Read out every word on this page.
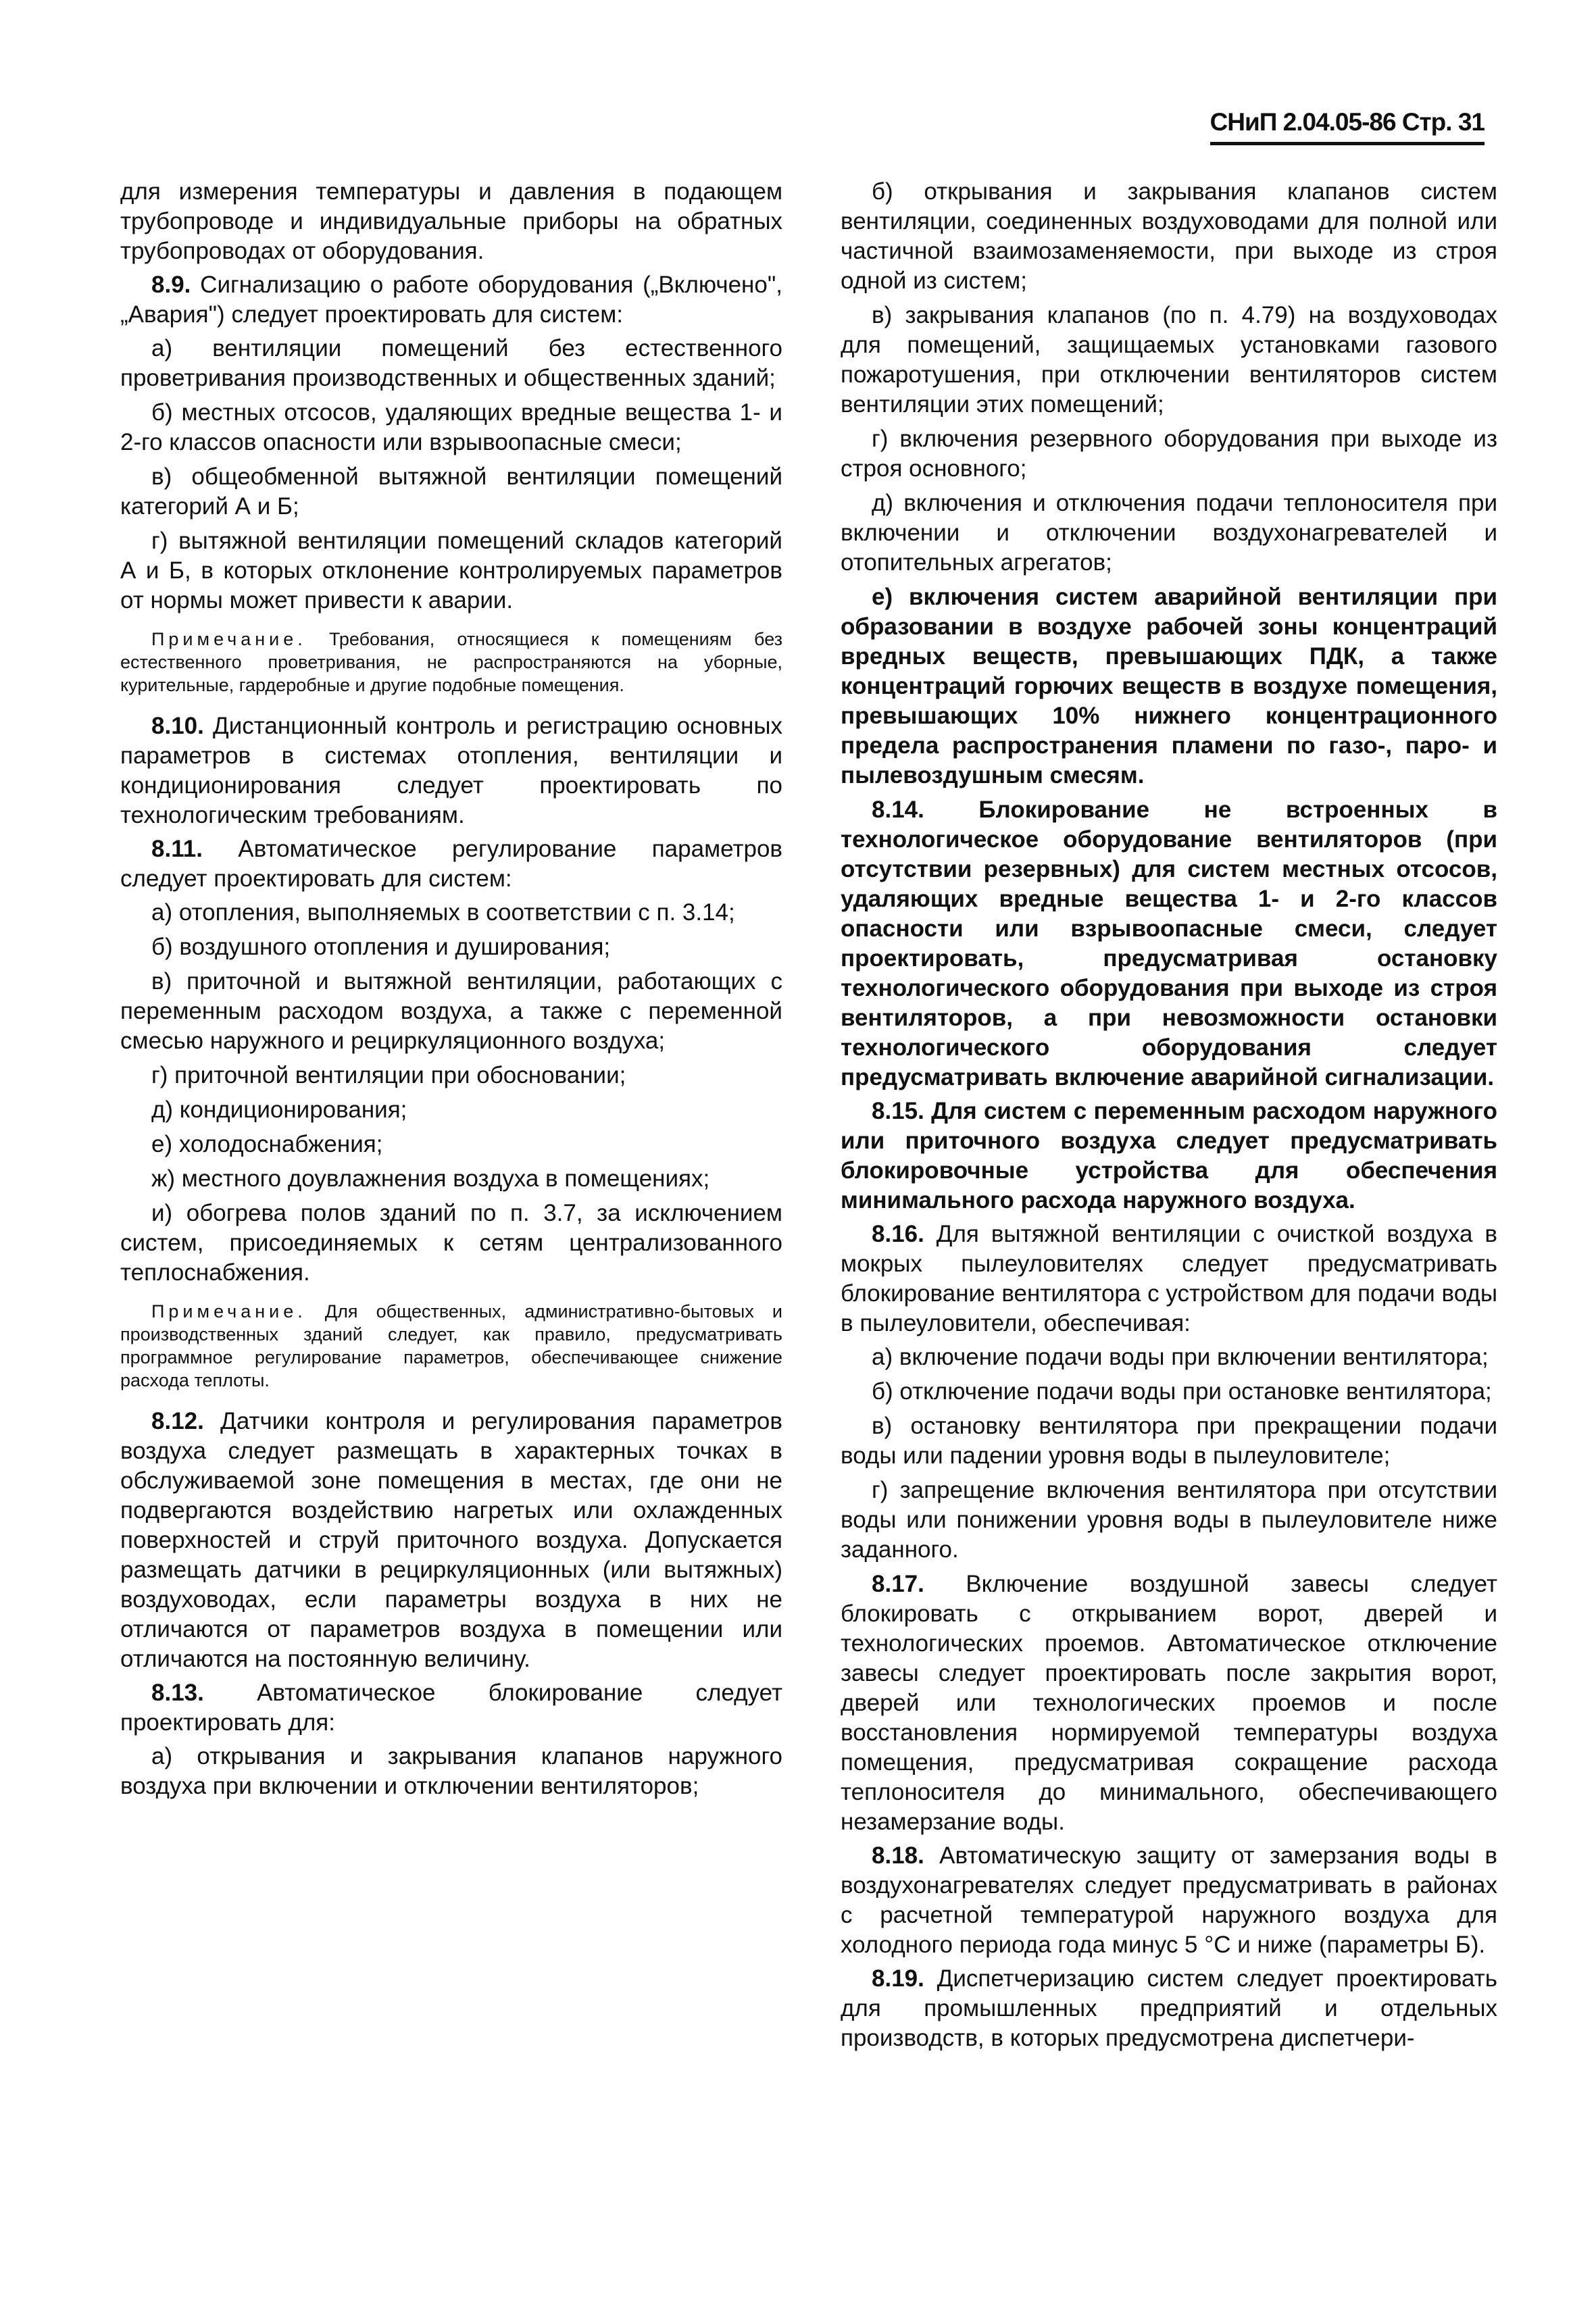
СНиП 2.04.05-86 Стр. 31

для измерения температуры и давления в подающем трубопроводе и индивидуальные приборы на обратных трубопроводах от оборудования.

8.9. Сигнализацию о работе оборудования („Включено", „Авария") следует проектировать для систем:

а) вентиляции помещений без естественного проветривания производственных и общественных зданий;

б) местных отсосов, удаляющих вредные вещества 1- и 2-го классов опасности или взрывоопасные смеси;

в) общеобменной вытяжной вентиляции помещений категорий А и Б;

г) вытяжной вентиляции помещений складов категорий А и Б, в которых отклонение контролируемых параметров от нормы может привести к аварии.

Примечание. Требования, относящиеся к помещениям без естественного проветривания, не распространяются на уборные, курительные, гардеробные и другие подобные помещения.

8.10. Дистанционный контроль и регистрацию основных параметров в системах отопления, вентиляции и кондиционирования следует проектировать по технологическим требованиям.

8.11. Автоматическое регулирование параметров следует проектировать для систем:

а) отопления, выполняемых в соответствии с п. 3.14;

б) воздушного отопления и душирования;

в) приточной и вытяжной вентиляции, работающих с переменным расходом воздуха, а также с переменной смесью наружного и рециркуляционного воздуха;

г) приточной вентиляции при обосновании;

д) кондиционирования;

е) холодоснабжения;

ж) местного доувлажнения воздуха в помещениях;

и) обогрева полов зданий по п. 3.7, за исключением систем, присоединяемых к сетям централизованного теплоснабжения.

Примечание. Для общественных, административно-бытовых и производственных зданий следует, как правило, предусматривать программное регулирование параметров, обеспечивающее снижение расхода теплоты.

8.12. Датчики контроля и регулирования параметров воздуха следует размещать в характерных точках в обслуживаемой зоне помещения в местах, где они не подвергаются воздействию нагретых или охлажденных поверхностей и струй приточного воздуха. Допускается размещать датчики в рециркуляционных (или вытяжных) воздуховодах, если параметры воздуха в них не отличаются от параметров воздуха в помещении или отличаются на постоянную величину.

8.13. Автоматическое блокирование следует проектировать для:

а) открывания и закрывания клапанов наружного воздуха при включении и отключении вентиляторов;

б) открывания и закрывания клапанов систем вентиляции, соединенных воздуховодами для полной или частичной взаимозаменяемости, при выходе из строя одной из систем;

в) закрывания клапанов (по п. 4.79) на воздуховодах для помещений, защищаемых установками газового пожаротушения, при отключении вентиляторов систем вентиляции этих помещений;

г) включения резервного оборудования при выходе из строя основного;

д) включения и отключения подачи теплоносителя при включении и отключении воздухонагревателей и отопительных агрегатов;

е) включения систем аварийной вентиляции при образовании в воздухе рабочей зоны концентраций вредных веществ, превышающих ПДК, а также концентраций горючих веществ в воздухе помещения, превышающих 10% нижнего концентрационного предела распространения пламени по газо-, паро- и пылевоздушным смесям.

8.14. Блокирование не встроенных в технологическое оборудование вентиляторов (при отсутствии резервных) для систем местных отсосов, удаляющих вредные вещества 1- и 2-го классов опасности или взрывоопасные смеси, следует проектировать, предусматривая остановку технологического оборудования при выходе из строя вентиляторов, а при невозможности остановки технологического оборудования следует предусматривать включение аварийной сигнализации.

8.15. Для систем с переменным расходом наружного или приточного воздуха следует предусматривать блокировочные устройства для обеспечения минимального расхода наружного воздуха.

8.16. Для вытяжной вентиляции с очисткой воздуха в мокрых пылеуловителях следует предусматривать блокирование вентилятора с устройством для подачи воды в пылеуловители, обеспечивая:

а) включение подачи воды при включении вентилятора;

б) отключение подачи воды при остановке вентилятора;

в) остановку вентилятора при прекращении подачи воды или падении уровня воды в пылеуловителе;

г) запрещение включения вентилятора при отсутствии воды или понижении уровня воды в пылеуловителе ниже заданного.

8.17. Включение воздушной завесы следует блокировать с открыванием ворот, дверей и технологических проемов. Автоматическое отключение завесы следует проектировать после закрытия ворот, дверей или технологических проемов и после восстановления нормируемой температуры воздуха помещения, предусматривая сокращение расхода теплоносителя до минимального, обеспечивающего незамерзание воды.

8.18. Автоматическую защиту от замерзания воды в воздухонагревателях следует предусматривать в районах с расчетной температурой наружного воздуха для холодного периода года минус 5 °С и ниже (параметры Б).

8.19. Диспетчеризацию систем следует проектировать для промышленных предприятий и отдельных производств, в которых предусмотрена диспетчери-
